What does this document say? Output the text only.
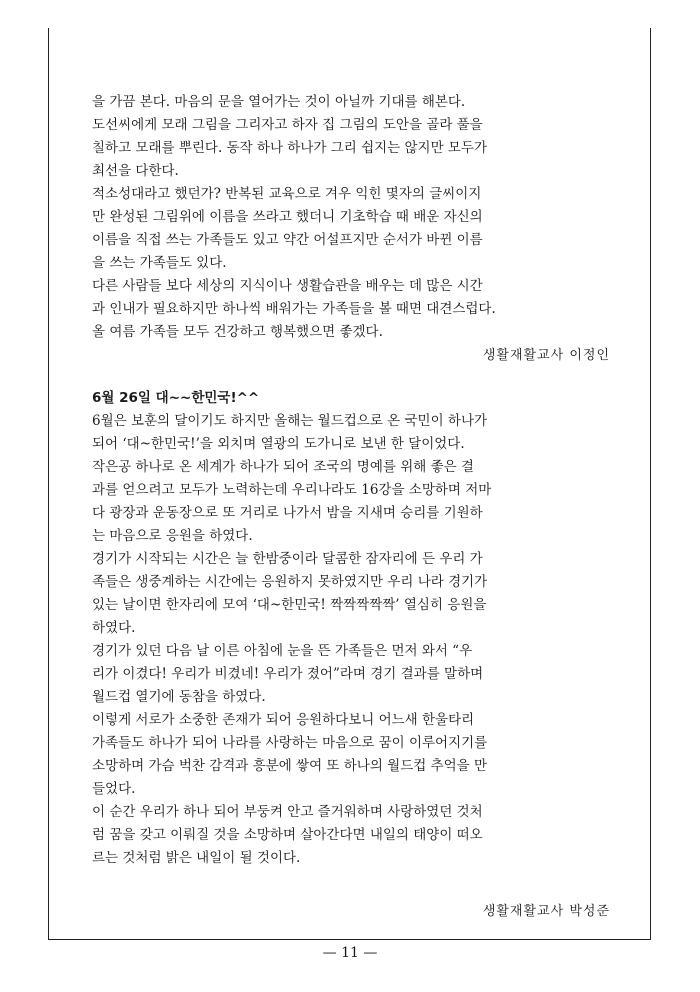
을 가끔 본다. 마음의 문을 열어가는 것이 아닐까 기대를 해본다.
도선씨에게 모래 그림을 그리자고 하자 집 그림의 도안을 골라 풀을
칠하고 모래를 뿌린다. 동작 하나 하나가 그리 쉽지는 않지만 모두가
최선을 다한다.
적소성대라고 했던가? 반복된 교육으로 겨우 익힌 몇자의 글씨이지
만 완성된 그림위에 이름을 쓰라고 했더니 기초학습 때 배운 자신의
이름을 직접 쓰는 가족들도 있고 약간 어설프지만 순서가 바뀐 이름
을 쓰는 가족들도 있다.
다른 사람들 보다 세상의 지식이나 생활습관을 배우는 데 많은 시간
과 인내가 필요하지만 하나씩 배워가는 가족들을 볼 때면 대견스럽다.
올 여름 가족들 모두 건강하고 행복했으면 좋겠다.
생활재활교사 이정인
6월 26일 대~~한민국!^^
6월은 보훈의 달이기도 하지만 올해는 월드컵으로 온 국민이 하나가
되어 ‘대~한민국!’을 외치며 열광의 도가니로 보낸 한 달이었다.
작은공 하나로 온 세계가 하나가 되어 조국의 명예를 위해 좋은 결
과를 얻으려고 모두가 노력하는데 우리나라도 16강을 소망하며 저마
다 광장과 운동장으로 또 거리로 나가서 밤을 지새며 승리를 기원하
는 마음으로 응원을 하였다.
경기가 시작되는 시간은 늘 한밤중이라 달콤한 잠자리에 든 우리 가
족들은 생중계하는 시간에는 응원하지 못하였지만 우리 나라 경기가
있는 날이면 한자리에 모여 ‘대~한민국! 짝짝짝짝짝’ 열심히 응원을
하였다.
경기가 있던 다음 날 이른 아침에 눈을 뜬 가족들은 먼저 와서 “우
리가 이겼다! 우리가 비겼네! 우리가 졌어”라며 경기 결과를 말하며
월드컵 열기에 동참을 하였다.
이렇게 서로가 소중한 존재가 되어 응원하다보니 어느새 한울타리
가족들도 하나가 되어 나라를 사랑하는 마음으로 꿈이 이루어지기를
소망하며 가슴 벅찬 감격과 흥분에 쌓여 또 하나의 월드컵 추억을 만
들었다.
이 순간 우리가 하나 되어 부둥켜 안고 즐거워하며 사랑하였던 것처
럼 꿈을 갖고 이뤄질 것을 소망하며 살아간다면 내일의 태양이 떠오
르는 것처럼 밝은 내일이 될 것이다.
생활재활교사 박성준
— 11 —
